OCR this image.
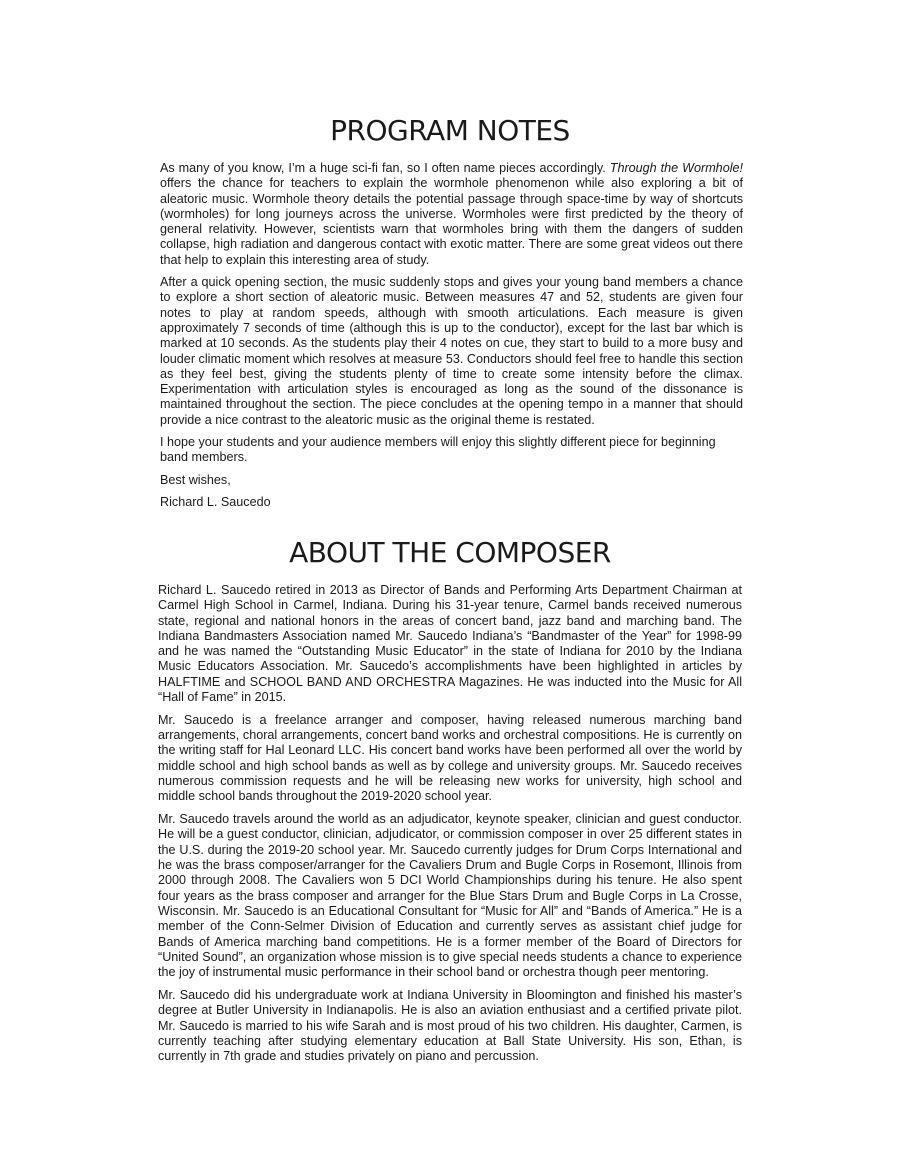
PROGRAM NOTES

As many of you know, I’m a huge sci-fi fan, so I often name pieces accordingly. Through the Wormhole! offers the chance for teachers to explain the wormhole phenomenon while also exploring a bit of aleatoric music. Wormhole theory details the potential passage through space-time by way of shortcuts (wormholes) for long journeys across the universe. Wormholes were first predicted by the theory of general relativity. However, scientists warn that wormholes bring with them the dangers of sudden collapse, high radiation and dangerous contact with exotic matter. There are some great videos out there that help to explain this interesting area of study.

After a quick opening section, the music suddenly stops and gives your young band members a chance to explore a short section of aleatoric music. Between measures 47 and 52, students are given four notes to play at random speeds, although with smooth articulations. Each measure is given approximately 7 seconds of time (although this is up to the conductor), except for the last bar which is marked at 10 seconds. As the students play their 4 notes on cue, they start to build to a more busy and louder climatic moment which resolves at measure 53. Conductors should feel free to handle this section as they feel best, giving the students plenty of time to create some intensity before the climax. Experimentation with articulation styles is encouraged as long as the sound of the dissonance is maintained throughout the section. The piece concludes at the opening tempo in a manner that should provide a nice contrast to the aleatoric music as the original theme is restated.

I hope your students and your audience members will enjoy this slightly different piece for beginning band members.

Best wishes,

Richard L. Saucedo

ABOUT THE COMPOSER

Richard L. Saucedo retired in 2013 as Director of Bands and Performing Arts Department Chairman at Carmel High School in Carmel, Indiana. During his 31-year tenure, Carmel bands received numerous state, regional and national honors in the areas of concert band, jazz band and marching band. The Indiana Bandmasters Association named Mr. Saucedo Indiana’s “Bandmaster of the Year” for 1998-99 and he was named the “Outstanding Music Educator” in the state of Indiana for 2010 by the Indiana Music Educators Association. Mr. Saucedo’s accomplishments have been highlighted in articles by HALFTIME and SCHOOL BAND AND ORCHESTRA Magazines. He was inducted into the Music for All “Hall of Fame” in 2015.

Mr. Saucedo is a freelance arranger and composer, having released numerous marching band arrangements, choral arrangements, concert band works and orchestral compositions. He is currently on the writing staff for Hal Leonard LLC. His concert band works have been performed all over the world by middle school and high school bands as well as by college and university groups. Mr. Saucedo receives numerous commission requests and he will be releasing new works for university, high school and middle school bands throughout the 2019-2020 school year.

Mr. Saucedo travels around the world as an adjudicator, keynote speaker, clinician and guest conductor. He will be a guest conductor, clinician, adjudicator, or commission composer in over 25 different states in the U.S. during the 2019-20 school year. Mr. Saucedo currently judges for Drum Corps International and he was the brass composer/arranger for the Cavaliers Drum and Bugle Corps in Rosemont, Illinois from 2000 through 2008. The Cavaliers won 5 DCI World Championships during his tenure. He also spent four years as the brass composer and arranger for the Blue Stars Drum and Bugle Corps in La Crosse, Wisconsin. Mr. Saucedo is an Educational Consultant for “Music for All” and “Bands of America.” He is a member of the Conn-Selmer Division of Education and currently serves as assistant chief judge for Bands of America marching band competitions. He is a former member of the Board of Directors for “United Sound”, an organization whose mission is to give special needs students a chance to experience the joy of instrumental music performance in their school band or orchestra though peer mentoring.

Mr. Saucedo did his undergraduate work at Indiana University in Bloomington and finished his master’s degree at Butler University in Indianapolis. He is also an aviation enthusiast and a certified private pilot. Mr. Saucedo is married to his wife Sarah and is most proud of his two children. His daughter, Carmen, is currently teaching after studying elementary education at Ball State University. His son, Ethan, is currently in 7th grade and studies privately on piano and percussion.
